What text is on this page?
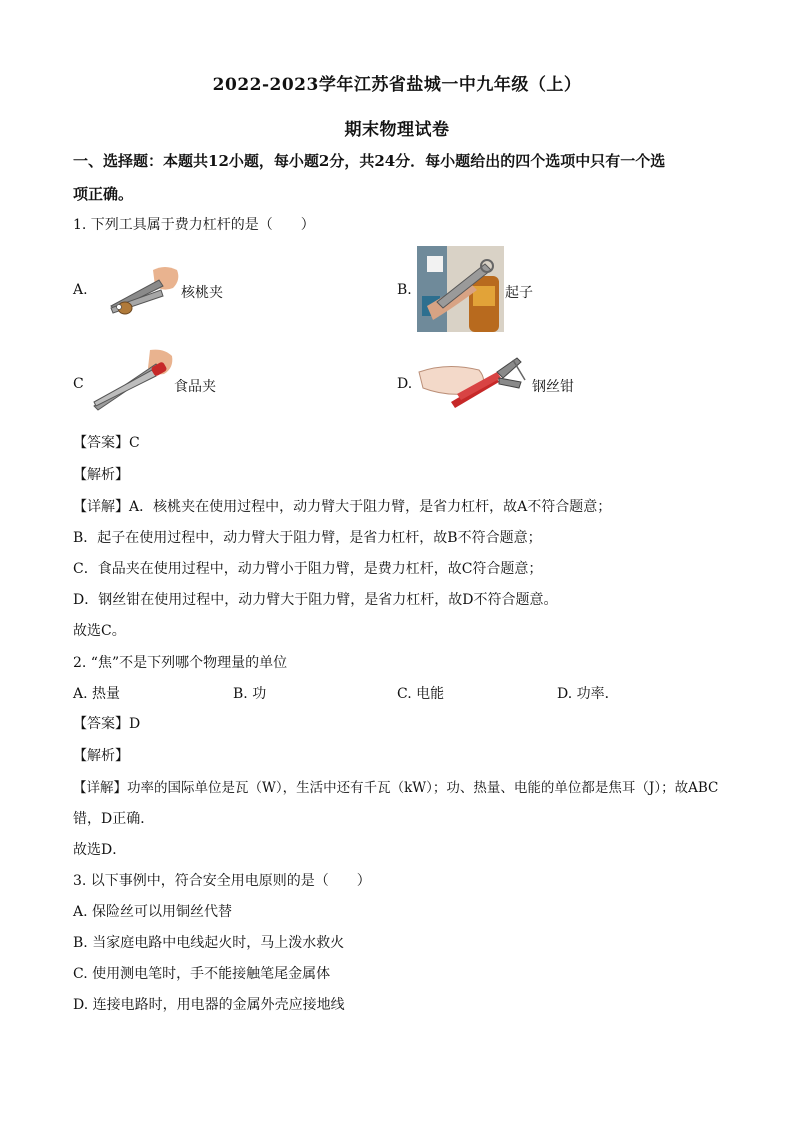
2022-2023学年江苏省盐城一中九年级（上）
期末物理试卷
一、选择题：本题共12小题，每小题2分，共24分．每小题给出的四个选项中只有一个选
项正确。
1. 下列工具属于费力杠杆的是（　　）
A.	核桃夹	B.	起子
C	食品夹	D.	钢丝钳
【答案】C
【解析】
【详解】A．核桃夹在使用过程中，动力臂大于阻力臂，是省力杠杆，故A不符合题意；
B．起子在使用过程中，动力臂大于阻力臂，是省力杠杆，故B不符合题意；
C．食品夹在使用过程中，动力臂小于阻力臂，是费力杠杆，故C符合题意；
D．钢丝钳在使用过程中，动力臂大于阻力臂，是省力杠杆，故D不符合题意。
故选C。
2. “焦”不是下列哪个物理量的单位
A. 热量	B. 功	C. 电能	D. 功率．
【答案】D
【解析】
【详解】功率的国际单位是瓦（W），生活中还有千瓦（kW）；功、热量、电能的单位都是焦耳（J）；故ABC
错，D正确．
故选D．
3. 以下事例中，符合安全用电原则的是（　　）
A. 保险丝可以用铜丝代替
B. 当家庭电路中电线起火时，马上泼水救火
C. 使用测电笔时，手不能接触笔尾金属体
D. 连接电路时，用电器的金属外壳应接地线
